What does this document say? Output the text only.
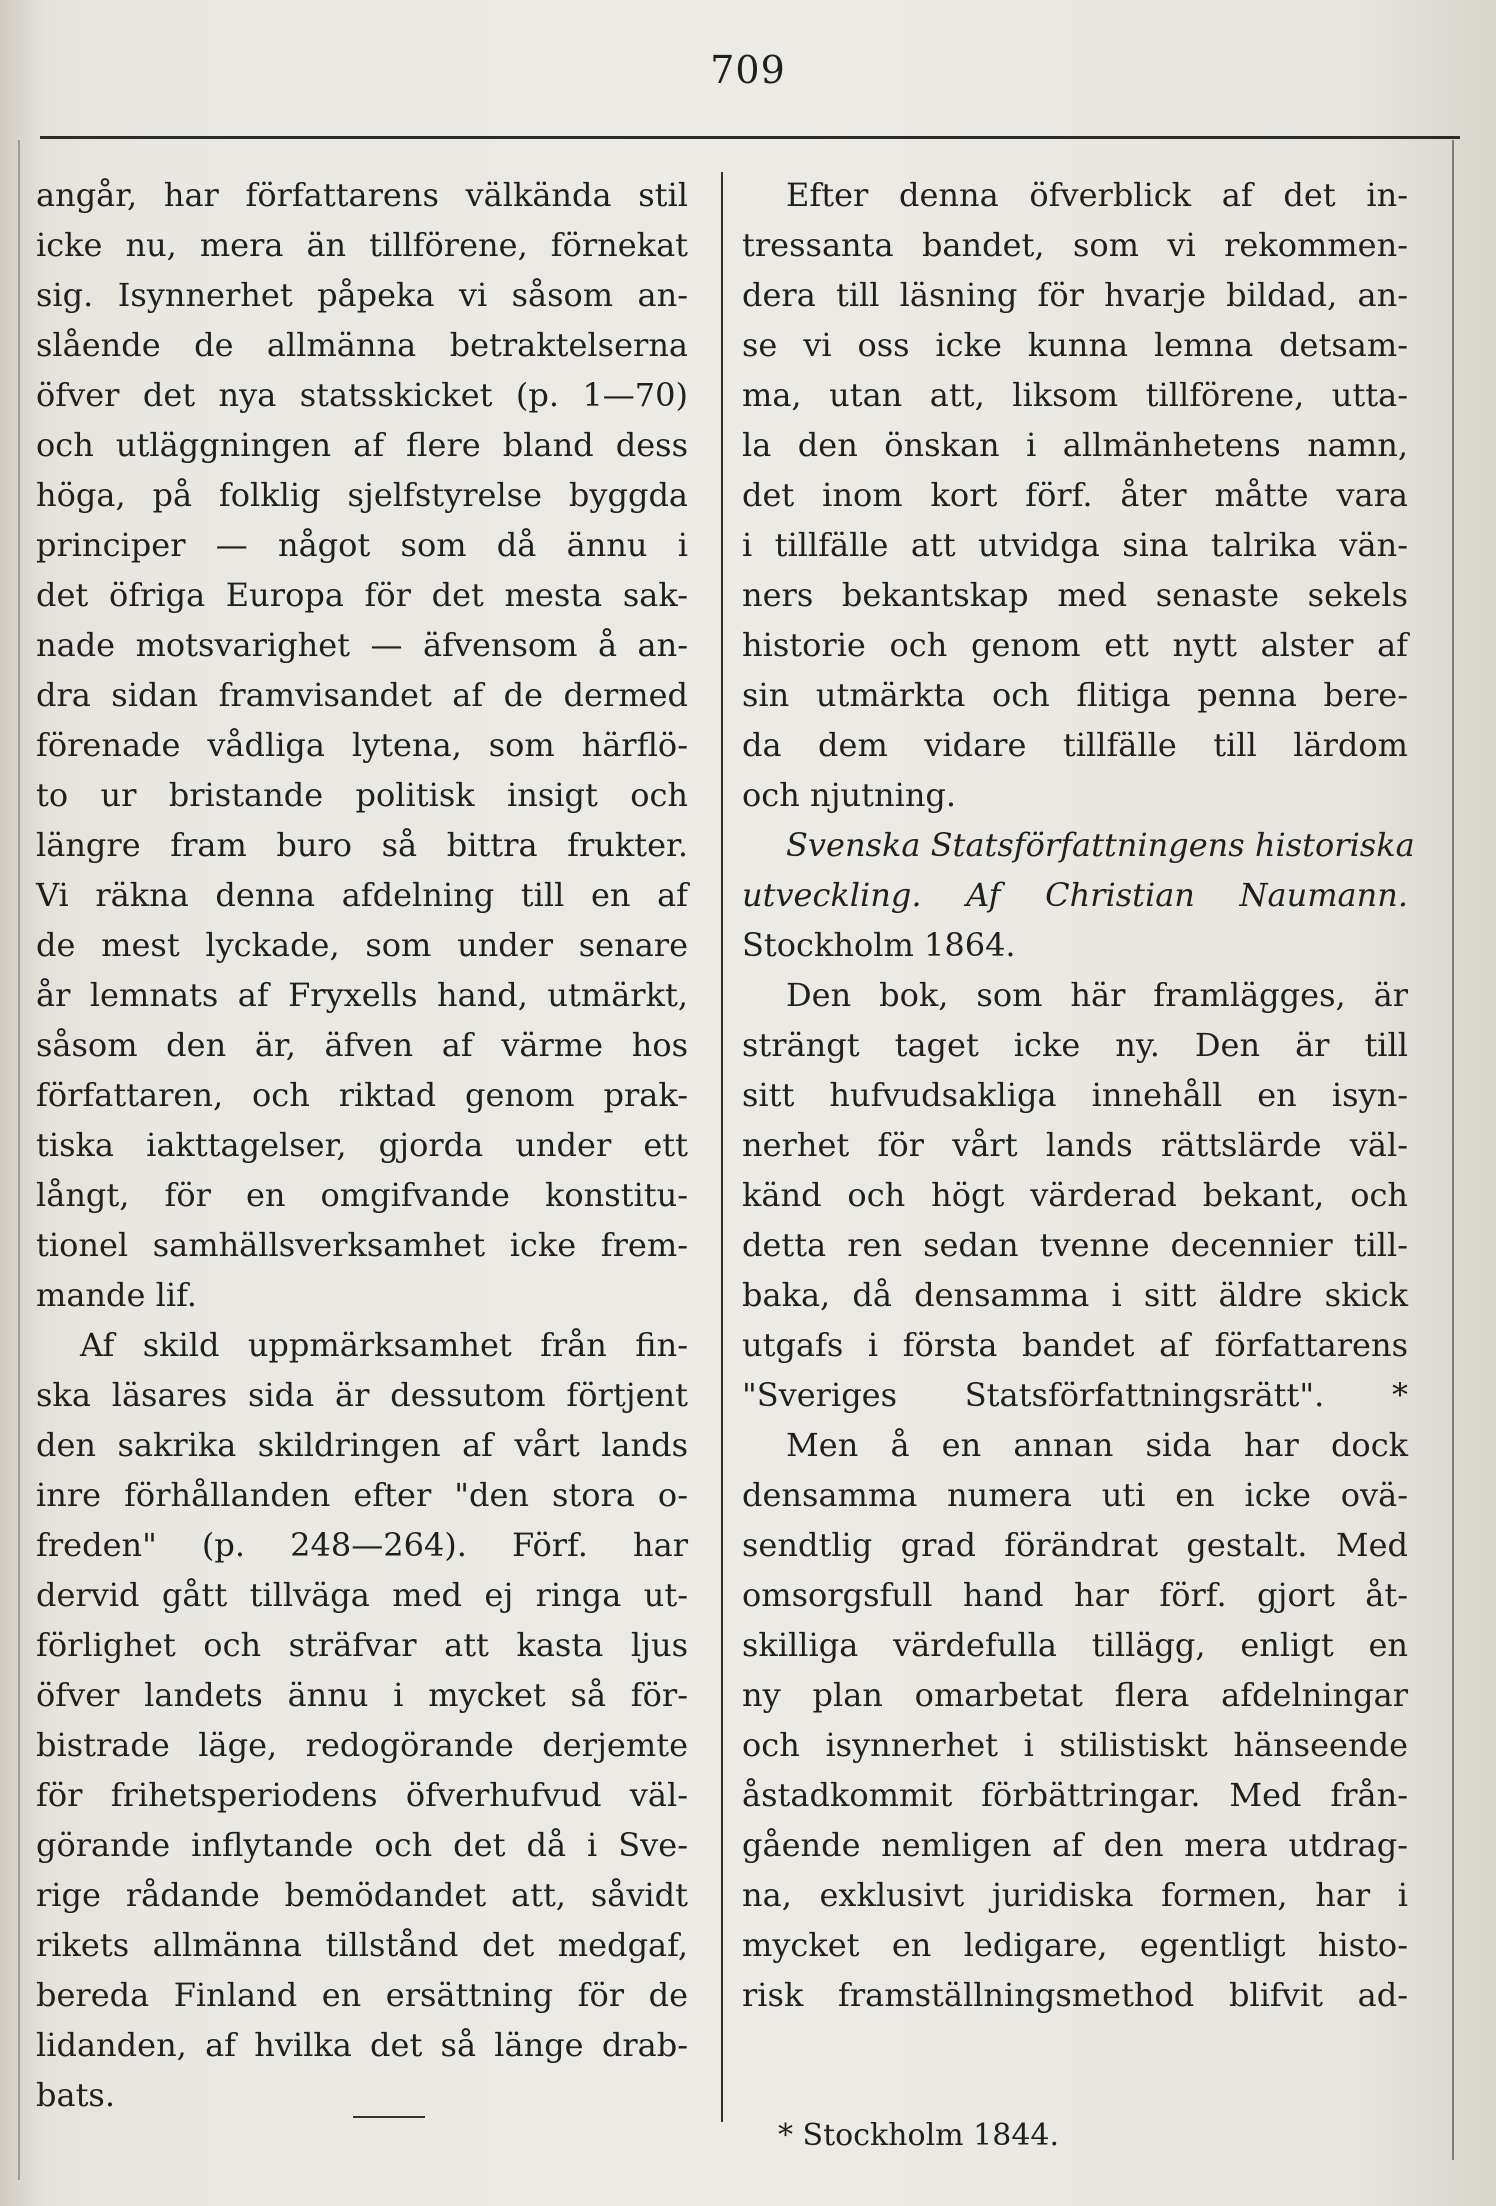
709
angår, har författarens välkända stil
icke nu, mera än tillförene, förnekat
sig. Isynnerhet påpeka vi såsom an-
slående de allmänna betraktelserna
öfver det nya statsskicket (p. 1—70)
och utläggningen af flere bland dess
höga, på folklig sjelfstyrelse byggda
principer — något som då ännu i
det öfriga Europa för det mesta sak-
nade motsvarighet — äfvensom å an-
dra sidan framvisandet af de dermed
förenade vådliga lytena, som härflö-
to ur bristande politisk insigt och
längre fram buro så bittra frukter.
Vi räkna denna afdelning till en af
de mest lyckade, som under senare
år lemnats af Fryxells hand, utmärkt,
såsom den är, äfven af värme hos
författaren, och riktad genom prak-
tiska iakttagelser, gjorda under ett
långt, för en omgifvande konstitu-
tionel samhällsverksamhet icke frem-
mande lif.
Af skild uppmärksamhet från fin-
ska läsares sida är dessutom förtjent
den sakrika skildringen af vårt lands
inre förhållanden efter "den stora o-
freden" (p. 248—264). Förf. har
dervid gått tillväga med ej ringa ut-
förlighet och sträfvar att kasta ljus
öfver landets ännu i mycket så för-
bistrade läge, redogörande derjemte
för frihetsperiodens öfverhufvud väl-
görande inflytande och det då i Sve-
rige rådande bemödandet att, såvidt
rikets allmänna tillstånd det medgaf,
bereda Finland en ersättning för de
lidanden, af hvilka det så länge drab-
bats.
Efter denna öfverblick af det in-
tressanta bandet, som vi rekommen-
dera till läsning för hvarje bildad, an-
se vi oss icke kunna lemna detsam-
ma, utan att, liksom tillförene, utta-
la den önskan i allmänhetens namn,
det inom kort förf. åter måtte vara
i tillfälle att utvidga sina talrika vän-
ners bekantskap med senaste sekels
historie och genom ett nytt alster af
sin utmärkta och flitiga penna bere-
da dem vidare tillfälle till lärdom
och njutning.
Svenska Statsförfattningens historiska
utveckling. Af Christian Naumann.
Stockholm 1864.
Den bok, som här framlägges, är
strängt taget icke ny. Den är till
sitt hufvudsakliga innehåll en isyn-
nerhet för vårt lands rättslärde väl-
känd och högt värderad bekant, och
detta ren sedan tvenne decennier till-
baka, då densamma i sitt äldre skick
utgafs i första bandet af författarens
"Sveriges Statsförfattningsrätt". *
Men å en annan sida har dock
densamma numera uti en icke ovä-
sendtlig grad förändrat gestalt. Med
omsorgsfull hand har förf. gjort åt-
skilliga värdefulla tillägg, enligt en
ny plan omarbetat flera afdelningar
och isynnerhet i stilistiskt hänseende
åstadkommit förbättringar. Med från-
gående nemligen af den mera utdrag-
na, exklusivt juridiska formen, har i
mycket en ledigare, egentligt histo-
risk framställningsmethod blifvit ad-
* Stockholm 1844.
